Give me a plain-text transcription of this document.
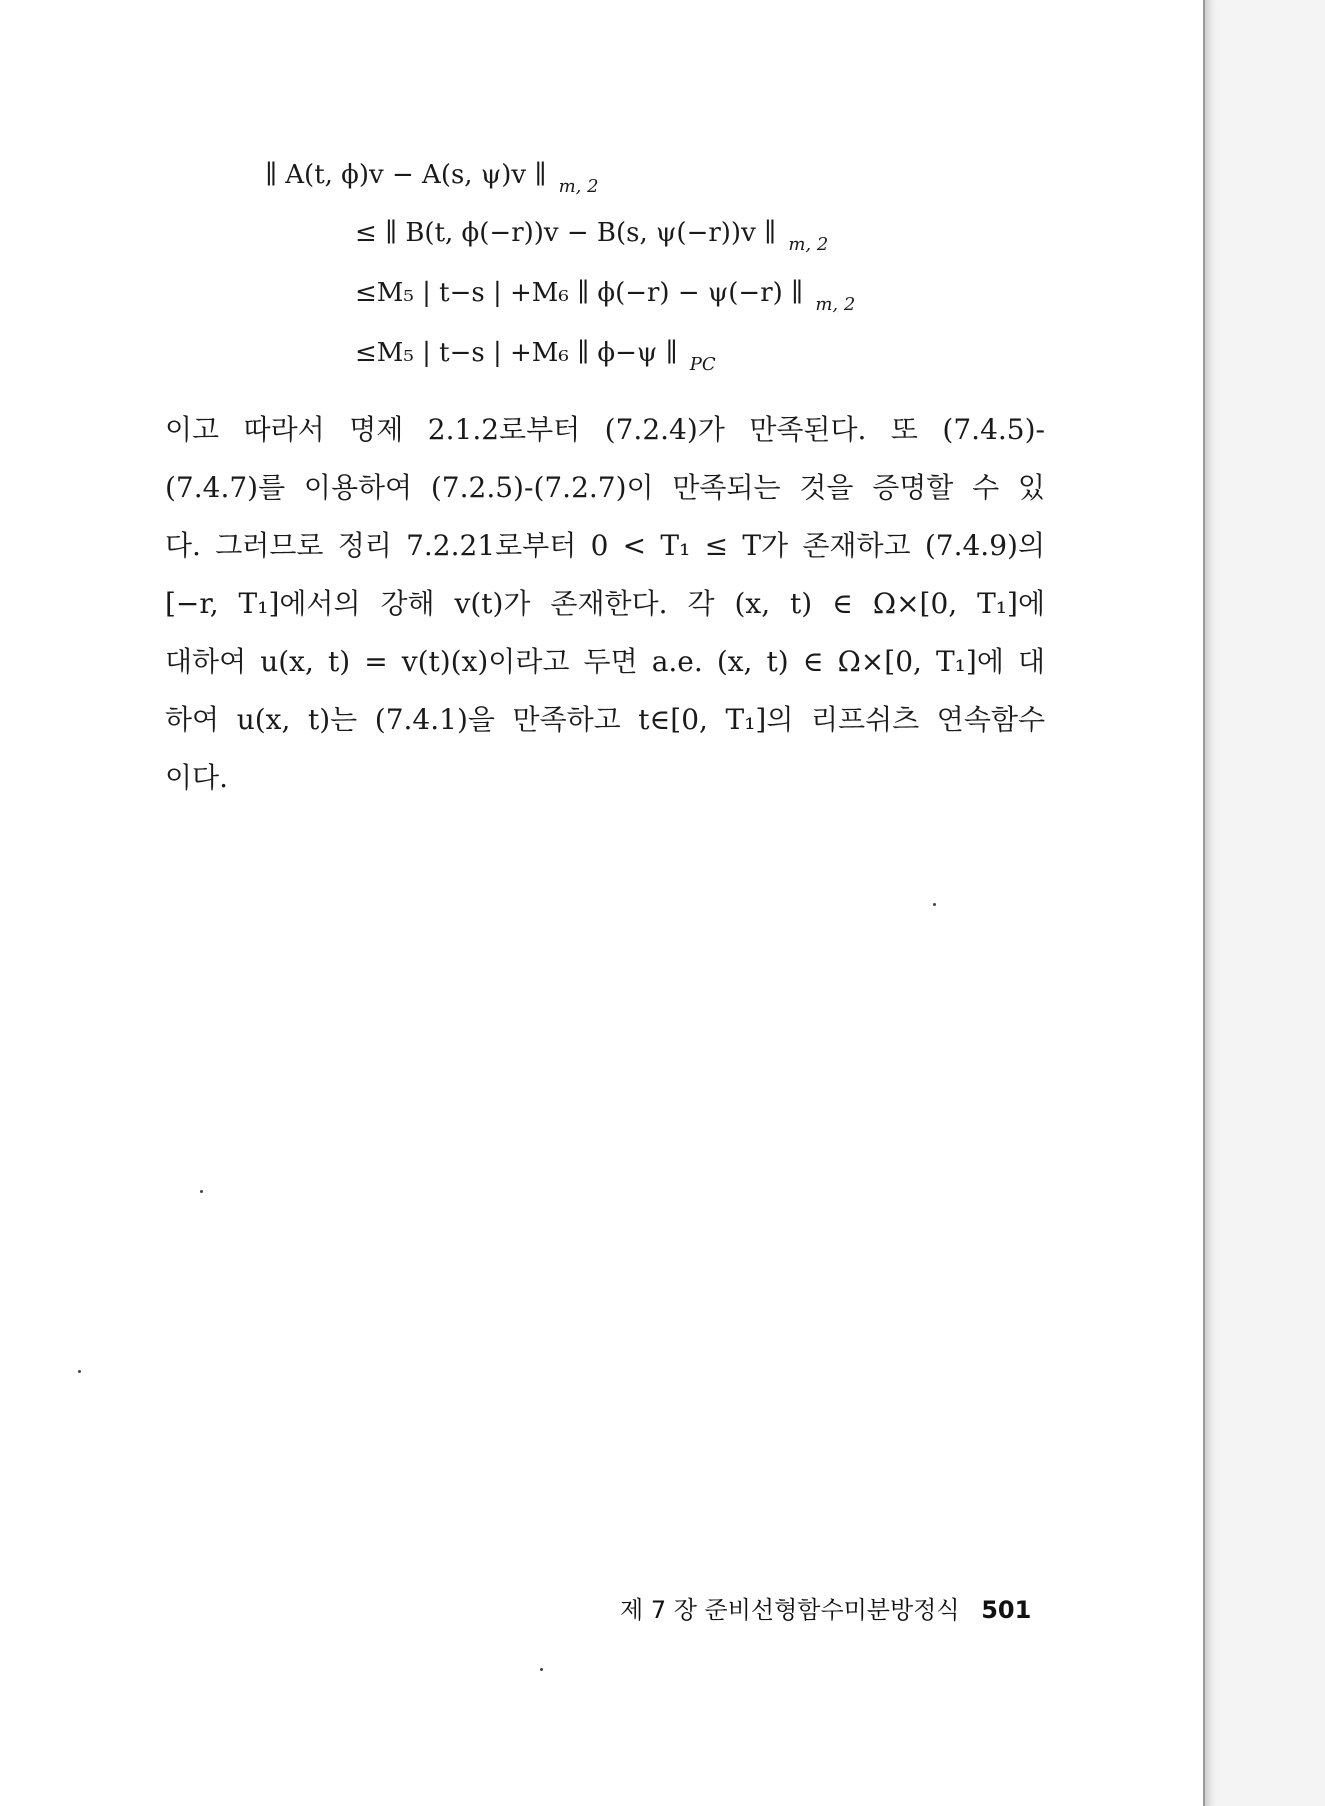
∥ A(t, ϕ)v − A(s, ψ)v ∥ $_{m, 2}$
≤ ∥ B(t, ϕ(−r))v − B(s, ψ(−r))v ∥ $_{m, 2}$
≤M₅ | t−s | +M₆ ∥ ϕ(−r) − ψ(−r) ∥ $_{m, 2}$
≤M₅ | t−s | +M₆ ∥ ϕ−ψ ∥ $_{PC}$
이고 따라서 명제 2.1.2로부터 (7.2.4)가 만족된다. 또 (7.4.5)-
(7.4.7)를 이용하여 (7.2.5)-(7.2.7)이 만족되는 것을 증명할 수 있
다. 그러므로 정리 7.2.21로부터 0 < T₁ ≤ T가 존재하고 (7.4.9)의
[−r, T₁]에서의 강해 v(t)가 존재한다. 각 (x, t) ∈ Ω×[0, T₁]에
대하여 u(x, t) = v(t)(x)이라고 두면 a.e. (x, t) ∈ Ω×[0, T₁]에 대
하여 u(x, t)는 (7.4.1)을 만족하고 t∈[0, T₁]의 리프쉬츠 연속함수
이다.
제 7 장 준비선형함수미분방정식 501
